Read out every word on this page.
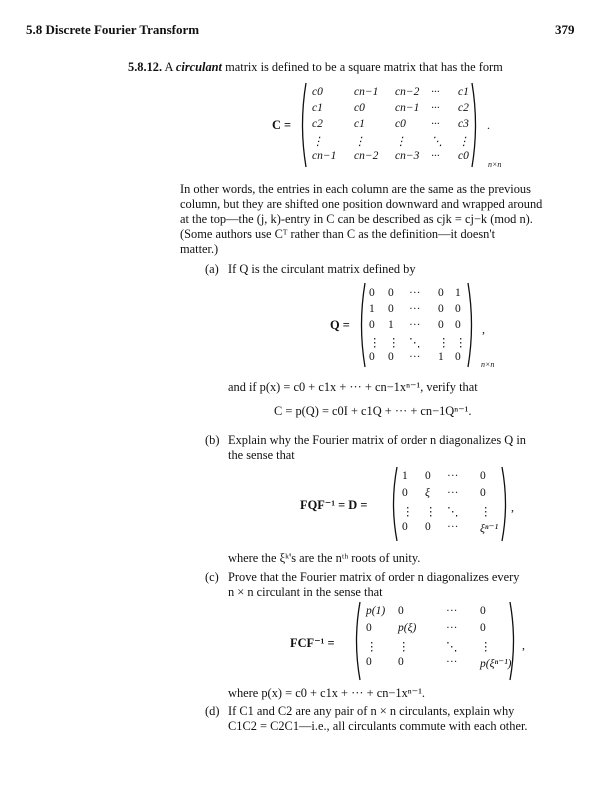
5.8 Discrete Fourier Transform	379
5.8.12. A circulant matrix is defined to be a square matrix that has the form
C =
c0	cn−1 cn−2 ··· c1
c1	c0	cn−1 ··· c2
c2	c1	c0 ··· c3
⋮	⋮	⋮ ⋱ ⋮
cn−1 cn−2 cn−3 ··· c0
.
n×n
In other words, the entries in each column are the same as the previous
column, but they are shifted one position downward and wrapped around
at the top—the (j, k)-entry in C can be described as cjk = cj−k (mod n).
(Some authors use Cᵀ rather than C as the definition—it doesn't
matter.)
(a) If Q is the circulant matrix defined by
Q =
0 0 ··· 0 1
1 0 ··· 0 0
0 1 ··· 0 0
⋮ ⋮ ⋱ ⋮ ⋮
0 0 ··· 1 0
,
n×n
and if p(x) = c0 + c1x + ··· + cn−1xⁿ⁻¹, verify that
C = p(Q) = c0I + c1Q + ··· + cn−1Qⁿ⁻¹.
(b) Explain why the Fourier matrix of order n diagonalizes Q in
the sense that
FQF⁻¹ = D =
1 0 ··· 0
0 ξ ··· 0
⋮ ⋮ ⋱ ⋮
0 0 ··· ξⁿ⁻¹
,
where the ξᵏ's are the nᵗʰ roots of unity.
(c) Prove that the Fourier matrix of order n diagonalizes every
n × n circulant in the sense that
FCF⁻¹ =
p(1) 0	··· 0
0 p(ξ)	··· 0
⋮ ⋮	⋱ ⋮
0 0	··· p(ξⁿ⁻¹)
,
where p(x) = c0 + c1x + ··· + cn−1xⁿ⁻¹.
(d) If C1 and C2 are any pair of n × n circulants, explain why
C1C2 = C2C1—i.e., all circulants commute with each other.
